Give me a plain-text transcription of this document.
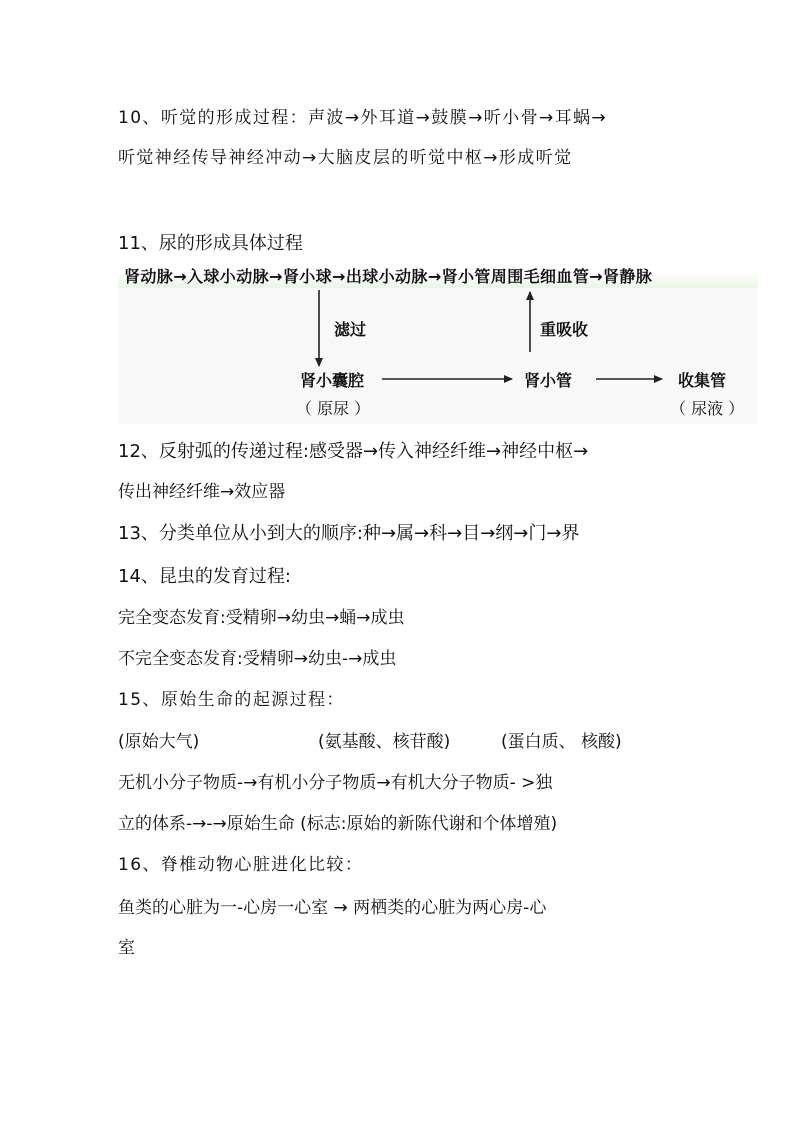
10、听觉的形成过程：声波→外耳道→鼓膜→听小骨→耳蜗→
听觉神经传导神经冲动→大脑皮层的听觉中枢→形成听觉
11、尿的形成具体过程
肾动脉→入球小动脉→肾小球→出球小动脉→肾小管周围毛细血管→肾静脉
滤过	重吸收
肾小囊腔
（ 原尿 ）
肾小管	收集管
（ 尿液 ）
12、反射弧的传递过程:感受器→传入神经纤维→神经中枢→
传出神经纤维→效应器
13、分类单位从小到大的顺序:种→属→科→目→纲→门→界
14、昆虫的发育过程:
完全变态发育:受精卵→幼虫→蛹→成虫
不完全变态发育:受精卵→幼虫-→成虫
15、原始生命的起源过程：
(原始大气)	(氨基酸、核苷酸)	(蛋白质、 核酸)
无机小分子物质-→有机小分子物质→有机大分子物质- >独
立的体系-→-→原始生命 (标志:原始的新陈代谢和个体增殖)
16、脊椎动物心脏进化比较：
鱼类的心脏为一-心房一心室 → 两栖类的心脏为两心房-心
室
